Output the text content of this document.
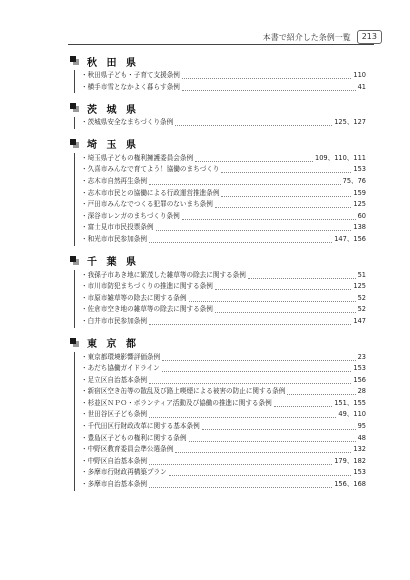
本書で紹介した条例一覧	213
秋 田 県
・秋田県子ども・子育て支援条例	110
・横手市雪となかよく暮らす条例	41
茨 城 県
・茨城県安全なまちづくり条例	125、127
埼 玉 県
・埼玉県子どもの権利擁護委員会条例	109、110、111
・久喜市みんなで育てよう！協働のまちづくり	153
・志木市自然再生条例	75、76
・志木市市民との協働による行政運営推進条例	159
・戸田市みんなでつくる犯罪のないまち条例	125
・深谷市レンガのまちづくり条例	60
・富士見市市民投票条例	138
・和光市市民参加条例	147、156
千 葉 県
・我孫子市あき地に繁茂した雑草等の除去に関する条例	51
・市川市防犯まちづくりの推進に関する条例	125
・市原市雑草等の除去に関する条例	52
・佐倉市空き地の雑草等の除去に関する条例	52
・白井市市民参加条例	147
東 京 都
・東京都環境影響評価条例	23
・あだち協働ガイドライン	153
・足立区自治基本条例	156
・新宿区空き缶等の散乱及び路上喫煙による被害の防止に関する条例	28
・杉並区ＮＰＯ・ボランティア活動及び協働の推進に関する条例	151、155
・世田谷区子ども条例	49、110
・千代田区行財政改革に関する基本条例	95
・豊島区子どもの権利に関する条例	48
・中野区教育委員会準公選条例	132
・中野区自治基本条例	179、182
・多摩市行財政再構築プラン	153
・多摩市自治基本条例	156、168
